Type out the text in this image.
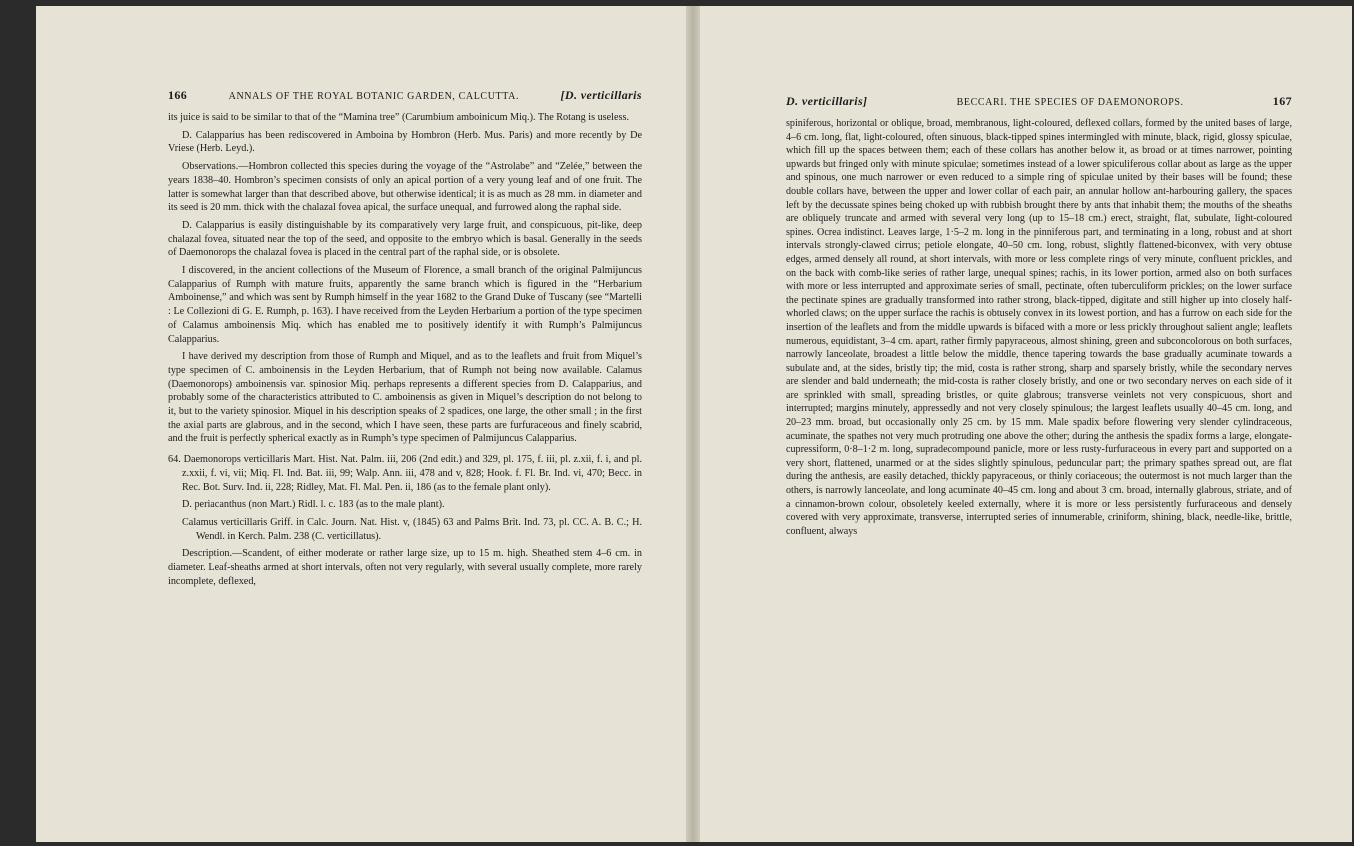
166	ANNALS OF THE ROYAL BOTANIC GARDEN, CALCUTTA.	[D. verticillaris

its juice is said to be similar to that of the “Mamina tree” (Carumbium amboinicum Miq.). The Rotang is useless.

D. Calapparius has been rediscovered in Amboina by Hombron (Herb. Mus. Paris) and more recently by De Vriese (Herb. Leyd.).

Observations.—Hombron collected this species during the voyage of the “Astrolabe” and “Zelée,” between the years 1838–40. Hombron’s specimen consists of only an apical portion of a very young leaf and of one fruit. The latter is somewhat larger than that described above, but otherwise identical; it is as much as 28 mm. in diameter and its seed is 20 mm. thick with the chalazal fovea apical, the surface unequal, and furrowed along the raphal side.

D. Calapparius is easily distinguishable by its comparatively very large fruit, and conspicuous, pit-like, deep chalazal fovea, situated near the top of the seed, and opposite to the embryo which is basal. Generally in the seeds of Daemonorops the chalazal fovea is placed in the central part of the raphal side, or is obsolete.

I discovered, in the ancient collections of the Museum of Florence, a small branch of the original Palmijuncus Calapparius of Rumph with mature fruits, apparently the same branch which is figured in the “Herbarium Amboinense,” and which was sent by Rumph himself in the year 1682 to the Grand Duke of Tuscany (see “Martelli : Le Collezioni di G. E. Rumph, p. 163). I have received from the Leyden Herbarium a portion of the type specimen of Calamus amboinensis Miq. which has enabled me to positively identify it with Rumph’s Palmijuncus Calapparius.

I have derived my description from those of Rumph and Miquel, and as to the leaflets and fruit from Miquel’s type specimen of C. amboinensis in the Leyden Herbarium, that of Rumph not being now available. Calamus (Daemonorops) amboinensis var. spinosior Miq. perhaps represents a different species from D. Calapparius, and probably some of the characteristics attributed to C. amboinensis as given in Miquel’s description do not belong to it, but to the variety spinosior. Miquel in his description speaks of 2 spadices, one large, the other small ; in the first the axial parts are glabrous, and in the second, which I have seen, these parts are furfuraceous and finely scabrid, and the fruit is perfectly spherical exactly as in Rumph’s type specimen of Palmijuncus Calapparius.

64. Daemonorops verticillaris Mart. Hist. Nat. Palm. iii, 206 (2nd edit.) and 329, pl. 175, f. iii, pl. z.xii, f. i, and pl. z.xxii, f. vi, vii; Miq. Fl. Ind. Bat. iii, 99; Walp. Ann. iii, 478 and v, 828; Hook. f. Fl. Br. Ind. vi, 470; Becc. in Rec. Bot. Surv. Ind. ii, 228; Ridley, Mat. Fl. Mal. Pen. ii, 186 (as to the female plant only).

D. periacanthus (non Mart.) Ridl. l. c. 183 (as to the male plant).

Calamus verticillaris Griff. in Calc. Journ. Nat. Hist. v, (1845) 63 and Palms Brit. Ind. 73, pl. CC. A. B. C.; H. Wendl. in Kerch. Palm. 238 (C. verticillatus).

Description.—Scandent, of either moderate or rather large size, up to 15 m. high. Sheathed stem 4–6 cm. in diameter. Leaf-sheaths armed at short intervals, often not very regularly, with several usually complete, more rarely incomplete, deflexed,

D. verticillaris]	BECCARI. THE SPECIES OF DAEMONOROPS.	167

spiniferous, horizontal or oblique, broad, membranous, light-coloured, deflexed collars, formed by the united bases of large, 4–6 cm. long, flat, light-coloured, often sinuous, black-tipped spines intermingled with minute, black, rigid, glossy spiculae, which fill up the spaces between them; each of these collars has another below it, as broad or at times narrower, pointing upwards but fringed only with minute spiculae; sometimes instead of a lower spiculiferous collar about as large as the upper and spinous, one much narrower or even reduced to a simple ring of spiculae united by their bases will be found; these double collars have, between the upper and lower collar of each pair, an annular hollow ant-harbouring gallery, the spaces left by the decussate spines being choked up with rubbish brought there by ants that inhabit them; the mouths of the sheaths are obliquely truncate and armed with several very long (up to 15–18 cm.) erect, straight, flat, subulate, light-coloured spines. Ocrea indistinct. Leaves large, 1·5–2 m. long in the pinniferous part, and terminating in a long, robust and at short intervals strongly-clawed cirrus; petiole elongate, 40–50 cm. long, robust, slightly flattened-biconvex, with very obtuse edges, armed densely all round, at short intervals, with more or less complete rings of very minute, confluent prickles, and on the back with comb-like series of rather large, unequal spines; rachis, in its lower portion, armed also on both surfaces with more or less interrupted and approximate series of small, pectinate, often tuberculiform prickles; on the lower surface the pectinate spines are gradually transformed into rather strong, black-tipped, digitate and still higher up into closely half-whorled claws; on the upper surface the rachis is obtusely convex in its lowest portion, and has a furrow on each side for the insertion of the leaflets and from the middle upwards is bifaced with a more or less prickly throughout salient angle; leaflets numerous, equidistant, 3–4 cm. apart, rather firmly papyraceous, almost shining, green and subconcolorous on both surfaces, narrowly lanceolate, broadest a little below the middle, thence tapering towards the base gradually acuminate towards a subulate and, at the sides, bristly tip; the mid, costa is rather strong, sharp and sparsely bristly, while the secondary nerves are slender and bald underneath; the mid-costa is rather closely bristly, and one or two secondary nerves on each side of it are sprinkled with small, spreading bristles, or quite glabrous; transverse veinlets not very conspicuous, short and interrupted; margins minutely, appressedly and not very closely spinulous; the largest leaflets usually 40–45 cm. long, and 20–23 mm. broad, but occasionally only 25 cm. by 15 mm. Male spadix before flowering very slender cylindraceous, acuminate, the spathes not very much protruding one above the other; during the anthesis the spadix forms a large, elongate-cupressiform, 0·8–1·2 m. long, supradecompound panicle, more or less rusty-furfuraceous in every part and supported on a very short, flattened, unarmed or at the sides slightly spinulous, peduncular part; the primary spathes spread out, are flat during the anthesis, are easily detached, thickly papyraceous, or thinly coriaceous; the outermost is not much larger than the others, is narrowly lanceolate, and long acuminate 40–45 cm. long and about 3 cm. broad, internally glabrous, striate, and of a cinnamon-brown colour, obsoletely keeled externally, where it is more or less persistently furfuraceous and densely covered with very approximate, transverse, interrupted series of innumerable, criniform, shining, black, needle-like, brittle, confluent, always
